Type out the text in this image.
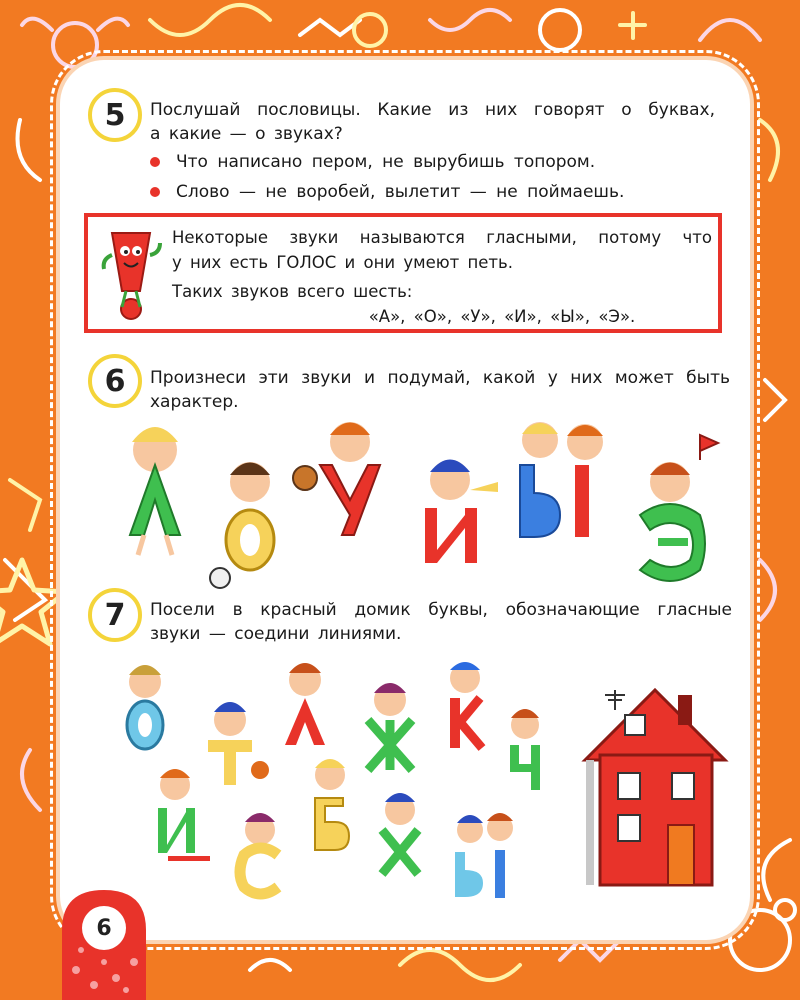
5 Послушай пословицы. Какие из них говорят о буквах,
а какие — о звуках?
Что написано пером, не вырубишь топором.
Слово — не воробей, вылетит — не поймаешь.
Некоторые звуки называются гласными, потому что
у них есть ГОЛОС и они умеют петь.
Таких звуков всего шесть:
«А», «О», «У», «И», «Ы», «Э».
6 Произнеси эти звуки и подумай, какой у них может быть
характер.
7 Посели в красный домик буквы, обозначающие гласные
звуки — соедини линиями.
6
